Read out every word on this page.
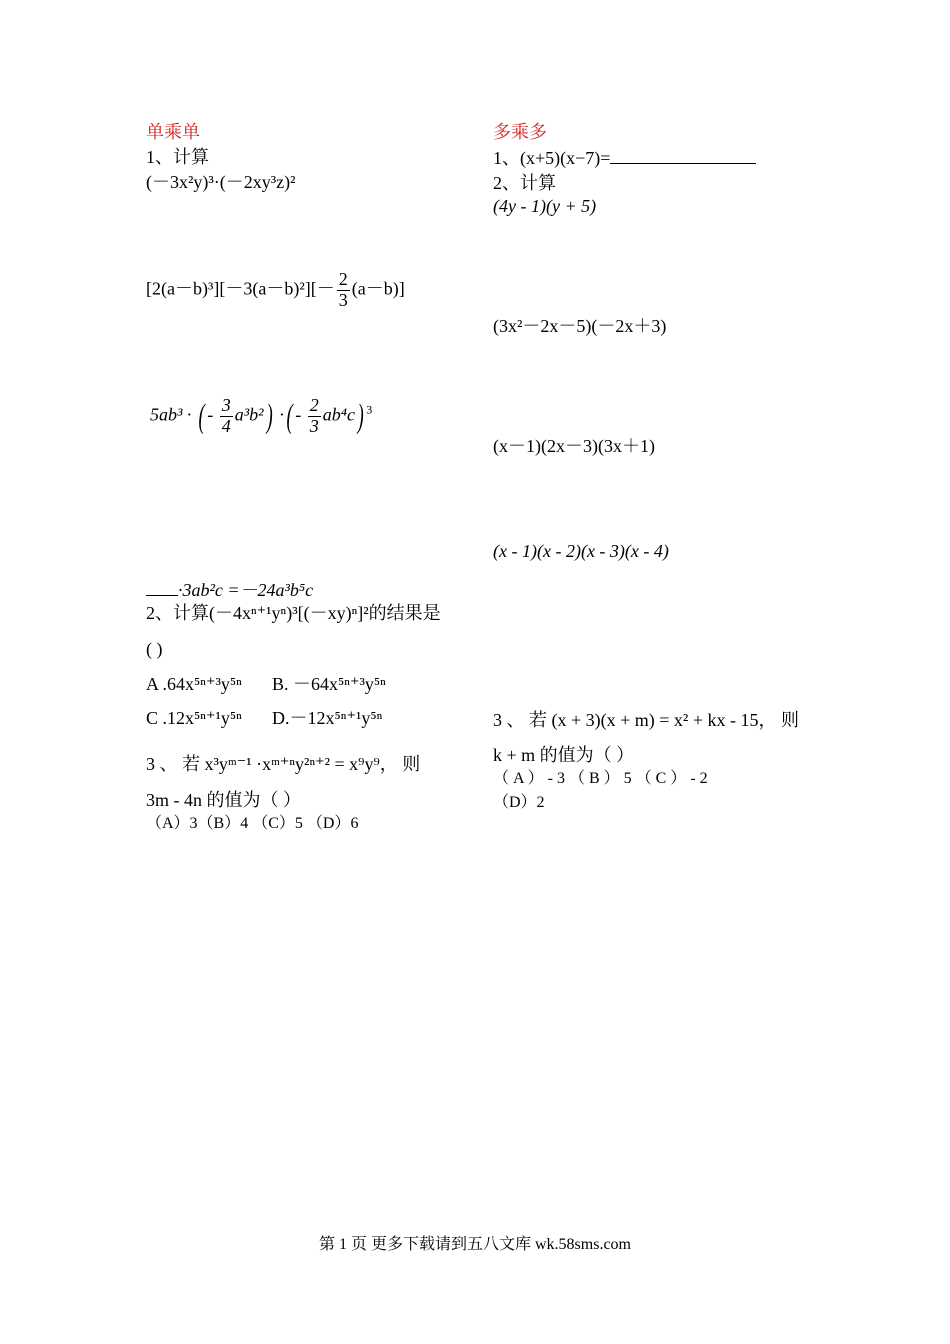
单乘单
1、计算
(－3x²y)³·(－2xy³z)²
$[2(a-b)^3][-3(a-b)^2][- \frac{2}{3} (a-b)]$
5ab³ · ( - $\frac{3}{4} a^3b^2$) ·( - $\frac{2}{3} ab^4c$) $^3$
·3ab²c =－24a³b⁵c
2、计算(－4xⁿ⁺¹yⁿ)³[(－xy)ⁿ]²的结果是
( )
A .64x⁵ⁿ⁺³y⁵ⁿ B. －64x⁵ⁿ⁺³y⁵ⁿ
C .12x⁵ⁿ⁺¹y⁵ⁿ D.－12x⁵ⁿ⁺¹y⁵ⁿ
3 、 若 x³yᵐ⁻¹ ·xᵐ⁺ⁿy²ⁿ⁺² = x⁹y⁹， 则
3m - 4n 的值为（ ）
（A）3（B）4 （C）5 （D）6
多乘多
1、(x+5)(x−7)=
2、计算
(4y - 1)(y + 5)
(3x²－2x－5)(－2x＋3)
(x－1)(2x－3)(3x＋1)
(x - 1)(x - 2)(x - 3)(x - 4)
3 、 若 (x + 3)(x + m) = x² + kx - 15， 则
k + m 的值为（ ）
（ A ） - 3 （ B ） 5 （ C ） - 2
（D）2
第 1 页 更多下载请到五八文库 wk.58sms.com
